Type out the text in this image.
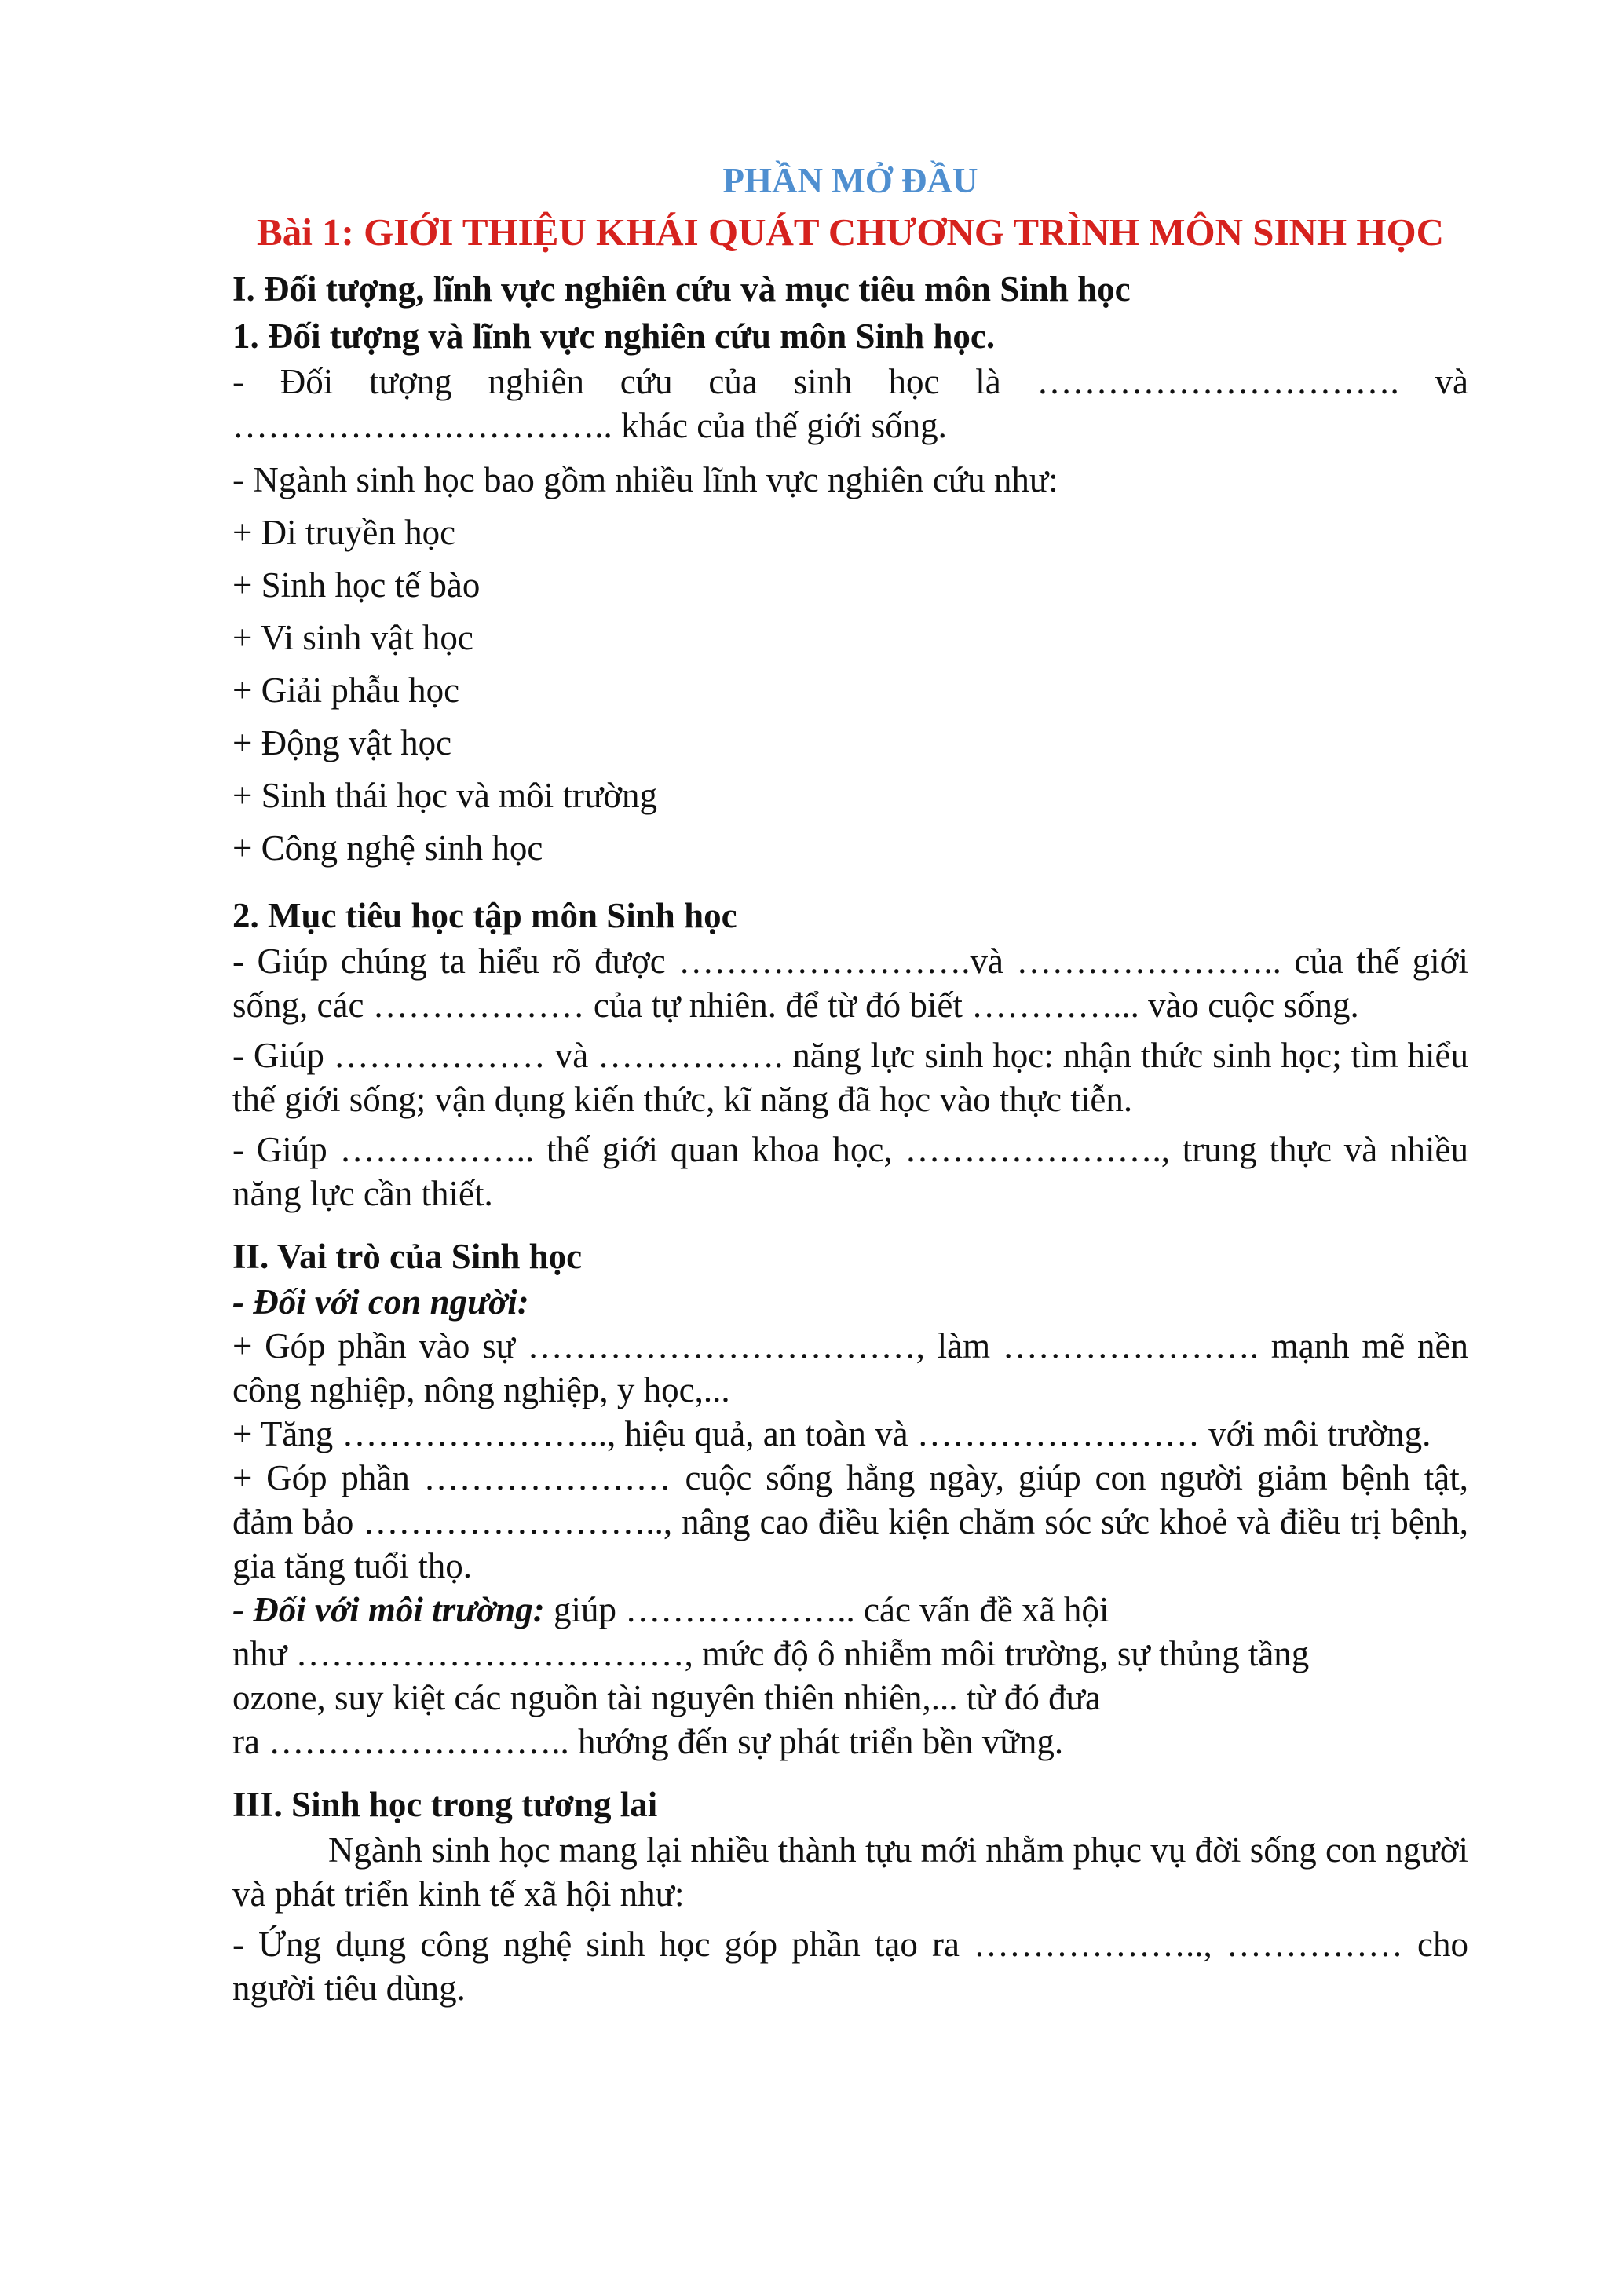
PHẦN MỞ ĐẦU

Bài 1: GIỚI THIỆU KHÁI QUÁT CHƯƠNG TRÌNH MÔN SINH HỌC

I. Đối tượng, lĩnh vực nghiên cứu và mục tiêu môn Sinh học

1. Đối tượng và lĩnh vực nghiên cứu môn Sinh học.

- Đối tượng nghiên cứu của sinh học là …………………………. và ……………….………….. khác của thế giới sống.

- Ngành sinh học bao gồm nhiều lĩnh vực nghiên cứu như:

+ Di truyền học

+ Sinh học tế bào

+ Vi sinh vật học

+ Giải phẫu học

+ Động vật học

+ Sinh thái học và môi trường

+ Công nghệ sinh học

2. Mục tiêu học tập môn Sinh học

- Giúp chúng ta hiểu rõ được …………………….và ………………….. của thế giới sống, các ……………… của tự nhiên. để từ đó biết …………... vào cuộc sống.

- Giúp ……………… và ……………. năng lực sinh học: nhận thức sinh học; tìm hiểu thế giới sống; vận dụng kiến thức, kĩ năng đã học vào thực tiễn.

- Giúp …………….. thế giới quan khoa học, …………………., trung thực và nhiều năng lực cần thiết.

II. Vai trò của Sinh học

- Đối với con người:

+ Góp phần vào sự ……………………………, làm …………………. mạnh mẽ nền công nghiệp, nông nghiệp, y học,...

+ Tăng ………………….., hiệu quả, an toàn và …………………… với môi trường.

+ Góp phần ………………… cuộc sống hằng ngày, giúp con người giảm bệnh tật, đảm bảo …………………….., nâng cao điều kiện chăm sóc sức khoẻ và điều trị bệnh, gia tăng tuổi thọ.

- Đối với môi trường: giúp ……………….. các vấn đề xã hội

như ……………………………, mức độ ô nhiễm môi trường, sự thủng tầng

ozone, suy kiệt các nguồn tài nguyên thiên nhiên,... từ đó đưa

ra …………………….. hướng đến sự phát triển bền vững.

III. Sinh học trong tương lai

Ngành sinh học mang lại nhiều thành tựu mới nhằm phục vụ đời sống con người và phát triển kinh tế xã hội như:

- Ứng dụng công nghệ sinh học góp phần tạo ra ……………….., …………… cho người tiêu dùng.
